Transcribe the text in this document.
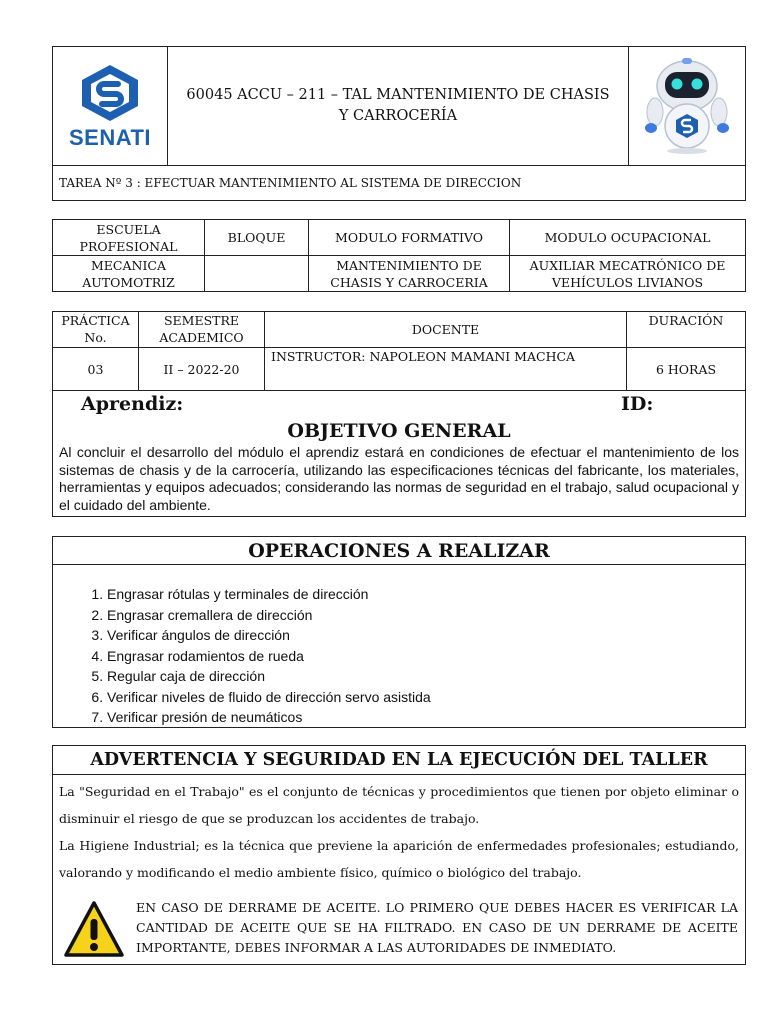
SENATI
	60045 ACCU – 211 – TAL MANTENIMIENTO DE CHASIS Y CARROCERÍA	

TAREA Nº 3 : EFECTUAR MANTENIMIENTO AL SISTEMA DE DIRECCION
ESCUELA PROFESIONAL	BLOQUE	MODULO FORMATIVO	MODULO OCUPACIONAL
MECANICA AUTOMOTRIZ		MANTENIMIENTO DE CHASIS Y CARROCERIA	AUXILIAR MECATRÓNICO DE VEHÍCULOS LIVIANOS
PRÁCTICA No.	SEMESTRE ACADEMICO	DOCENTE	DURACIÓN
03	II – 2022-20	INSTRUCTOR: NAPOLEON MAMANI MACHCA	6 HORAS
Aprendiz:	ID:
OBJETIVO GENERAL
Al concluir el desarrollo del módulo el aprendiz estará en condiciones de efectuar el mantenimiento de los sistemas de chasis y de la carrocería, utilizando las especificaciones técnicas del fabricante, los materiales, herramientas y equipos adecuados; considerando las normas de seguridad en el trabajo, salud ocupacional y el cuidado del ambiente.
OPERACIONES A REALIZAR
1. Engrasar rótulas y terminales de dirección
2. Engrasar cremallera de dirección
3. Verificar ángulos de dirección
4. Engrasar rodamientos de rueda
5. Regular caja de dirección
6. Verificar niveles de fluido de dirección servo asistida
7. Verificar presión de neumáticos
ADVERTENCIA Y SEGURIDAD EN LA EJECUCIÓN DEL TALLER
La "Seguridad en el Trabajo" es el conjunto de técnicas y procedimientos que tienen por objeto eliminar o disminuir el riesgo de que se produzcan los accidentes de trabajo.
La Higiene Industrial; es la técnica que previene la aparición de enfermedades profesionales; estudiando, valorando y modificando el medio ambiente físico, químico o biológico del trabajo.
EN CASO DE DERRAME DE ACEITE. LO PRIMERO QUE DEBES HACER ES VERIFICAR LA CANTIDAD DE ACEITE QUE SE HA FILTRADO. EN CASO DE UN DERRAME DE ACEITE IMPORTANTE, DEBES INFORMAR A LAS AUTORIDADES DE INMEDIATO.
